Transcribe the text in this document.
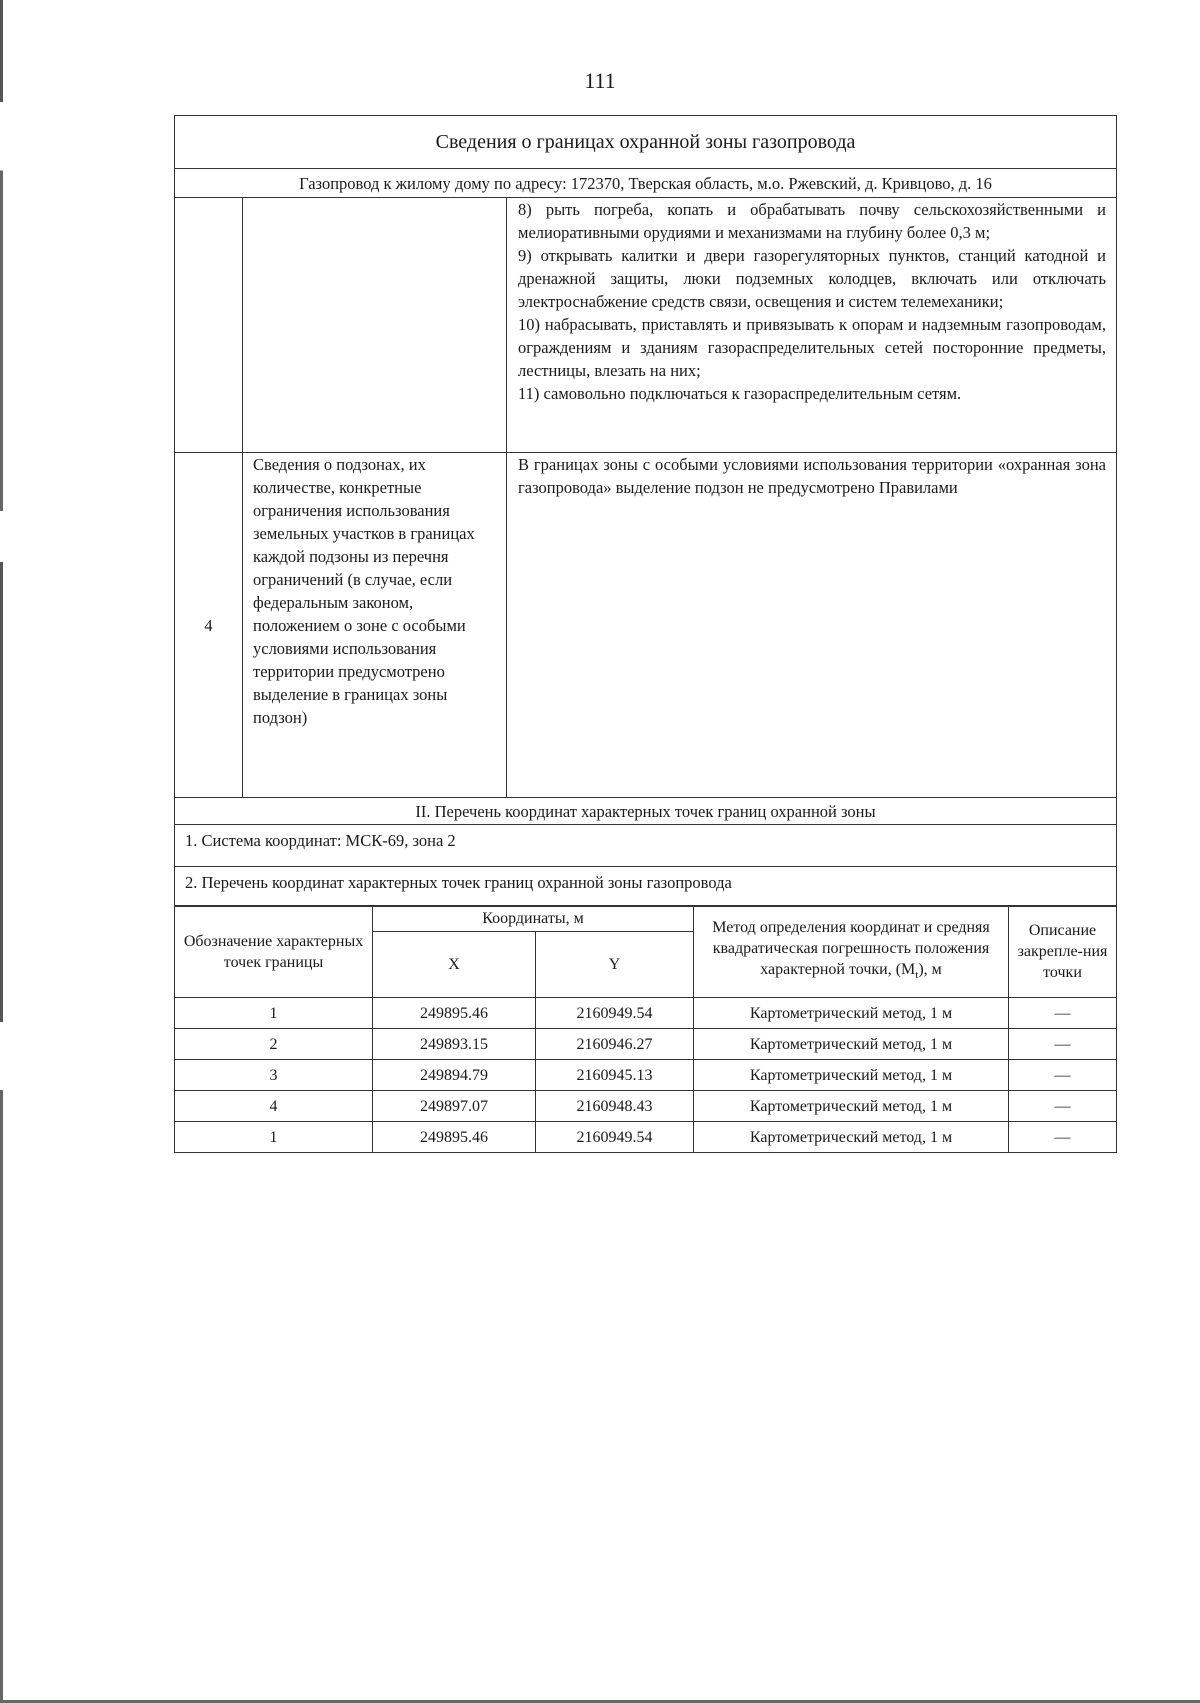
111
Сведения о границах охранной зоны газопровода		
Газопровод к жилому дому по адресу: 172370, Тверская область, м.о. Ржевский, д. Кривцово, д. 16		

		8) рыть погреба, копать и обрабатывать почву сельскохозяйственными и мелиоративными орудиями и механизмами на глубину более 0,3 м;

9) открывать калитки и двери газорегуляторных пунктов, станций катодной и дренажной защиты, люки подземных колодцев, включать или отключать электроснабжение средств связи, освещения и систем телемеханики;

10) набрасывать, приставлять и привязывать к опорам и надземным газопроводам, ограждениям и зданиям газораспределительных сетей посторонние предметы, лестницы, влезать на них;

11) самовольно подключаться к газораспределительным сетям.

4	Сведения о подзонах, их количестве, конкретные ограничения использования земельных участков в границах каждой подзоны из перечня ограничений (в случае, если федеральным законом, положением о зоне с особыми условиями использования территории предусмотрено выделение в границах зоны подзон)	В границах зоны с особыми условиями использования территории «охранная зона газопровода» выделение подзон не предусмотрено Правилами
II. Перечень координат характерных точек границ охранной зоны		
1. Система координат: МСК-69, зона 2		
2. Перечень координат характерных точек границ охранной зоны газопровода		
Обозначение характерных точек границы	Координаты, м		Метод определения координат и средняя квадратическая погрешность положения характерной точки, $(M_t)$, м	Описание закрепле-ния точки
	X	Y		
1	249895.46	2160949.54	Картометрический метод, 1 м	—
2	249893.15	2160946.27	Картометрический метод, 1 м	—
3	249894.79	2160945.13	Картометрический метод, 1 м	—
4	249897.07	2160948.43	Картометрический метод, 1 м	—
1	249895.46	2160949.54	Картометрический метод, 1 м	—
